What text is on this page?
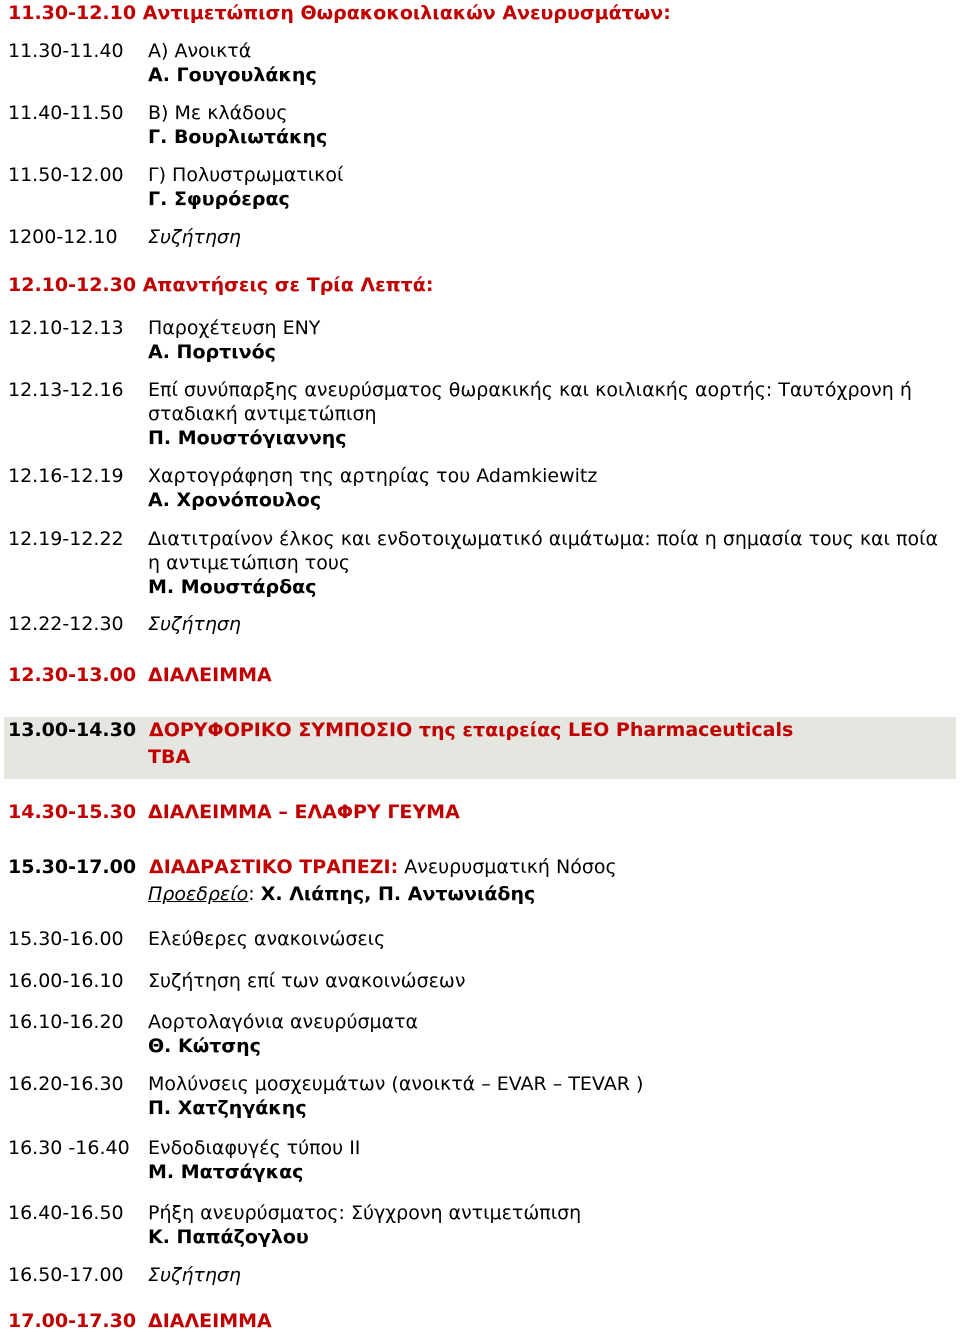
11.30-12.10 Αντιμετώπιση Θωρακοκοιλιακών Ανευρυσμάτων:
11.30-11.40 Α) Ανοικτά
Α. Γουγουλάκης
11.40-11.50 Β) Με κλάδους
Γ. Βουρλιωτάκης
11.50-12.00 Γ) Πολυστρωματικοί
Γ. Σφυρόερας
1200-12.10 Συζήτηση
12.10-12.30 Απαντήσεις σε Τρία Λεπτά:
12.10-12.13 Παροχέτευση ΕΝΥ
Α. Πορτινός
12.13-12.16 Επί συνύπαρξης ανευρύσματος θωρακικής και κοιλιακής αορτής: Ταυτόχρονη ή
σταδιακή αντιμετώπιση
Π. Μουστόγιαννης
12.16-12.19 Χαρτογράφηση της αρτηρίας του Adamkiewitz
Α. Χρονόπουλος
12.19-12.22 Διατιτραίνον έλκος και ενδοτοιχωματικό αιμάτωμα: ποία η σημασία τους και ποία
η αντιμετώπιση τους
Μ. Μουστάρδας
12.22-12.30 Συζήτηση
12.30-13.00 ΔΙΑΛΕΙΜΜΑ
13.00-14.30 ΔΟΡΥΦΟΡΙΚΟ ΣΥΜΠΟΣΙΟ της εταιρείας LEO Pharmaceuticals
TBA
14.30-15.30 ΔΙΑΛΕΙΜΜΑ – ΕΛΑΦΡΥ ΓΕΥΜΑ
15.30-17.00 ΔΙΑΔΡΑΣΤΙΚΟ ΤΡΑΠΕΖΙ: Ανευρυσματική Νόσος
Προεδρείο: Χ. Λιάπης, Π. Αντωνιάδης
15.30-16.00 Ελεύθερες ανακοινώσεις
16.00-16.10 Συζήτηση επί των ανακοινώσεων
16.10-16.20 Αορτολαγόνια ανευρύσματα
Θ. Κώτσης
16.20-16.30 Μολύνσεις μοσχευμάτων (ανοικτά – EVAR – TEVAR )
Π. Χατζηγάκης
16.30 -16.40 Ενδοδιαφυγές τύπου ΙΙ
Μ. Ματσάγκας
16.40-16.50 Ρήξη ανευρύσματος: Σύγχρονη αντιμετώπιση
Κ. Παπάζογλου
16.50-17.00 Συζήτηση
17.00-17.30 ΔΙΑΛΕΙΜΜΑ
